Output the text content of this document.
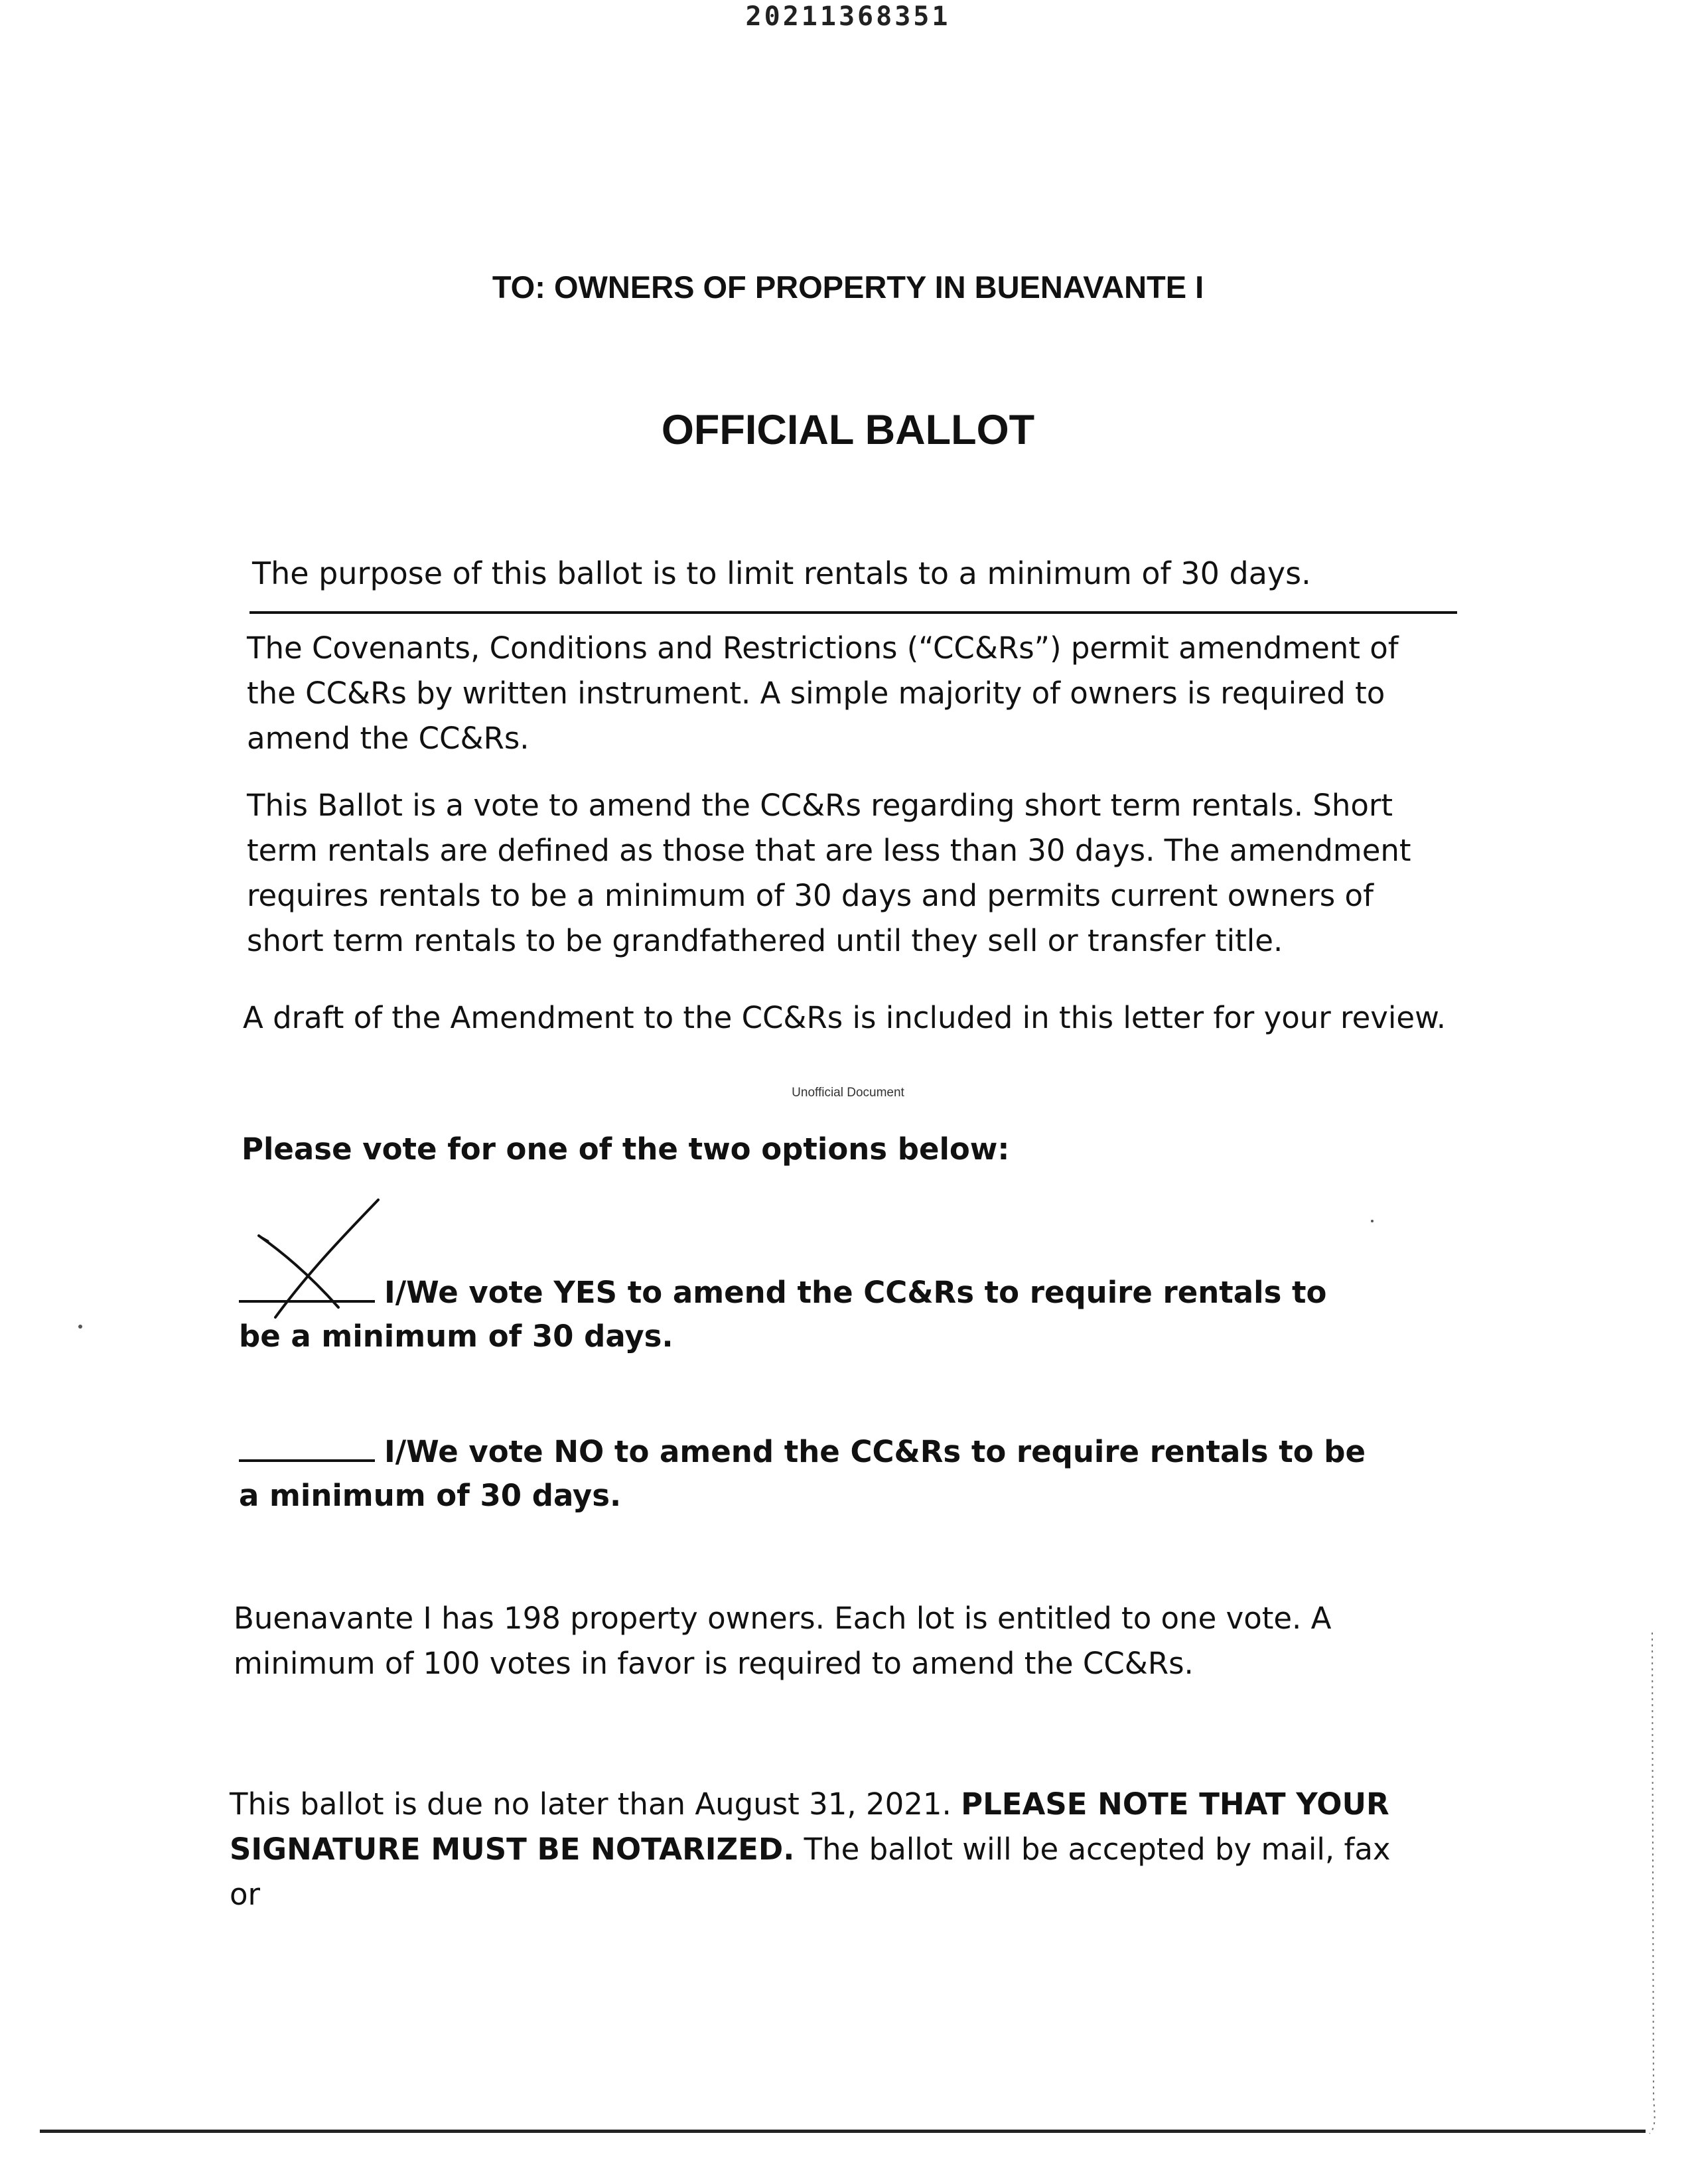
20211368351
TO: OWNERS OF PROPERTY IN BUENAVANTE I
OFFICIAL BALLOT
The purpose of this ballot is to limit rentals to a minimum of 30 days.

The Covenants, Conditions and Restrictions (“CC&Rs”) permit amendment of the CC&Rs by written instrument. A simple majority of owners is required to amend the CC&Rs.

This Ballot is a vote to amend the CC&Rs regarding short term rentals. Short term rentals are defined as those that are less than 30 days. The amendment requires rentals to be a minimum of 30 days and permits current owners of short term rentals to be grandfathered until they sell or transfer title.

A draft of the Amendment to the CC&Rs is included in this letter for your review.

Unofficial Document
Please vote for one of the two options below:
I/We vote YES to amend the CC&Rs to require rentals to be a minimum of 30 days.
I/We vote NO to amend the CC&Rs to require rentals to be a minimum of 30 days.

Buenavante I has 198 property owners. Each lot is entitled to one vote. A minimum of 100 votes in favor is required to amend the CC&Rs.

This ballot is due no later than August 31, 2021. PLEASE NOTE THAT YOUR SIGNATURE MUST BE NOTARIZED. The ballot will be accepted by mail, fax or
